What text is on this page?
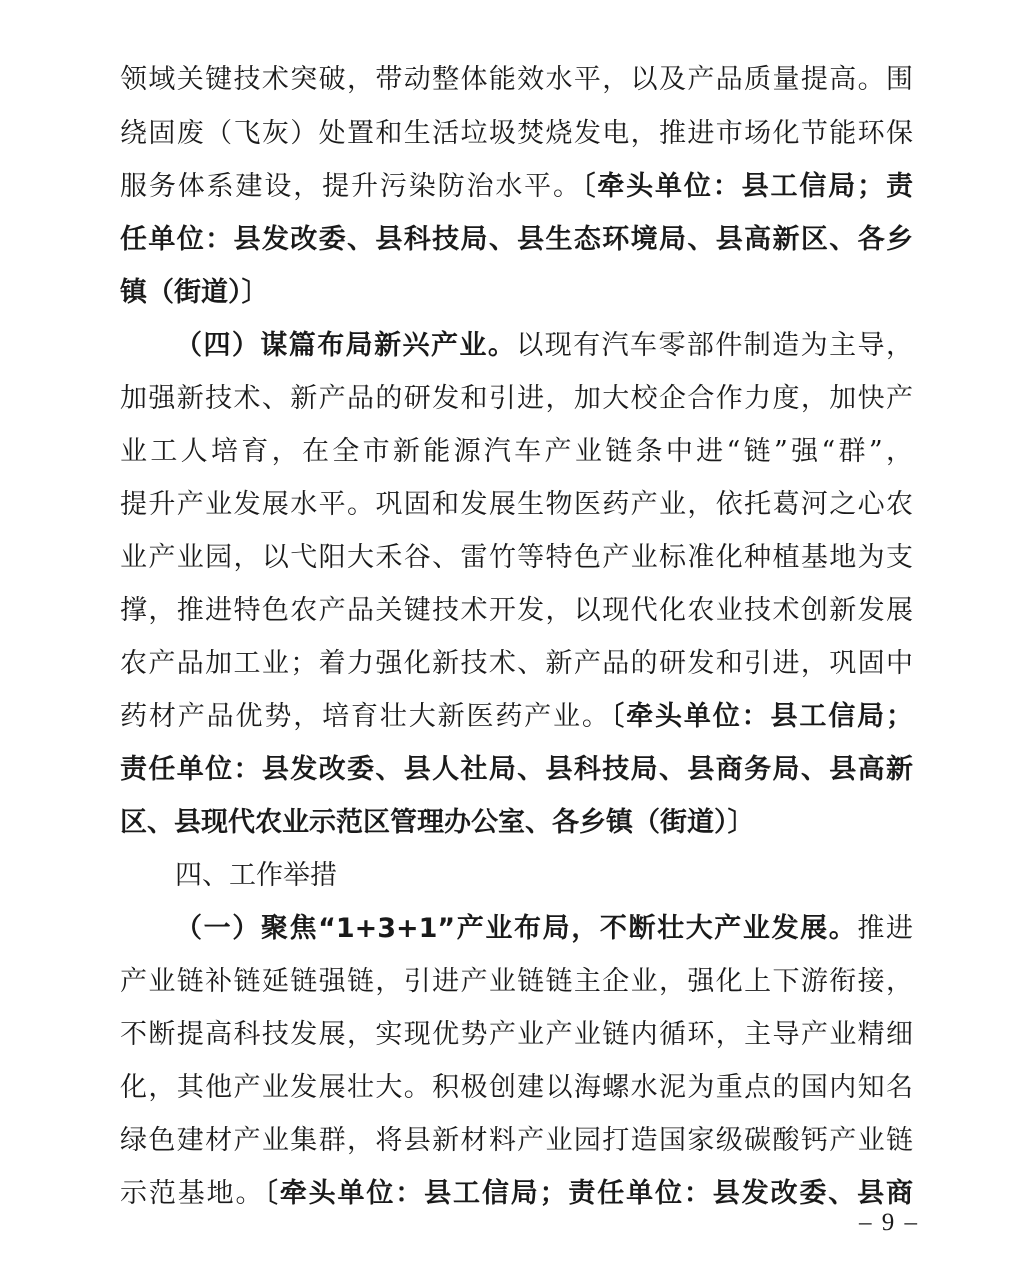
领域关键技术突破，带动整体能效水平，以及产品质量提高。围
绕固废（飞灰）处置和生活垃圾焚烧发电，推进市场化节能环保
服务体系建设，提升污染防治水平。〔牵头单位：县工信局；责
任单位：县发改委、县科技局、县生态环境局、县高新区、各乡
镇（街道）〕
（四）谋篇布局新兴产业。以现有汽车零部件制造为主导，
加强新技术、新产品的研发和引进，加大校企合作力度，加快产
业工人培育，在全市新能源汽车产业链条中进“链”强“群”，
提升产业发展水平。巩固和发展生物医药产业，依托葛河之心农
业产业园，以弋阳大禾谷、雷竹等特色产业标准化种植基地为支
撑，推进特色农产品关键技术开发，以现代化农业技术创新发展
农产品加工业；着力强化新技术、新产品的研发和引进，巩固中
药材产品优势，培育壮大新医药产业。〔牵头单位：县工信局；
责任单位：县发改委、县人社局、县科技局、县商务局、县高新
区、县现代农业示范区管理办公室、各乡镇（街道）〕
四、工作举措
（一）聚焦“1+3+1”产业布局，不断壮大产业发展。推进
产业链补链延链强链，引进产业链链主企业，强化上下游衔接，
不断提高科技发展，实现优势产业产业链内循环，主导产业精细
化，其他产业发展壮大。积极创建以海螺水泥为重点的国内知名
绿色建材产业集群，将县新材料产业园打造国家级碳酸钙产业链
示范基地。〔牵头单位：县工信局；责任单位：县发改委、县商
– 9 –
